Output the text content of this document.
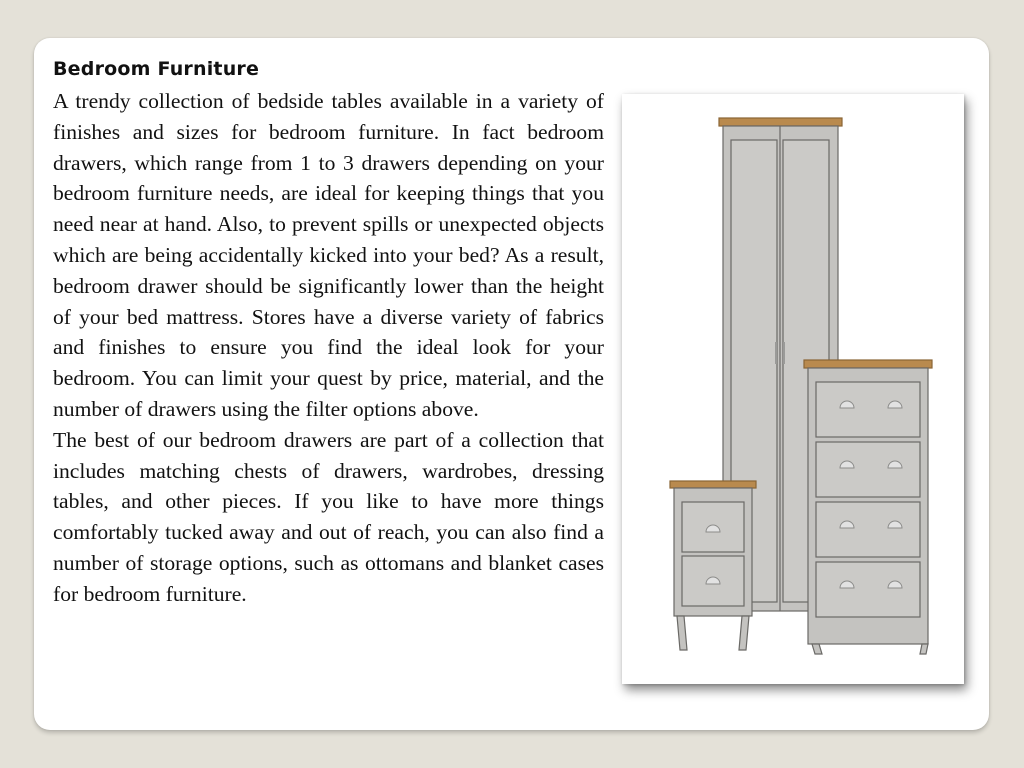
Bedroom Furniture

A trendy collection of bedside tables available in a variety of finishes and sizes for bedroom furniture. In fact bedroom drawers, which range from 1 to 3 drawers depending on your bedroom furniture needs, are ideal for keeping things that you need near at hand. Also, to prevent spills or unexpected objects which are being accidentally kicked into your bed? As a result, bedroom drawer should be significantly lower than the height of your bed mattress. Stores have a diverse variety of fabrics and finishes to ensure you find the ideal look for your bedroom. You can limit your quest by price, material, and the number of drawers using the filter options above.

The best of our bedroom drawers are part of a collection that includes matching chests of drawers, wardrobes, dressing tables, and other pieces. If you like to have more things comfortably tucked away and out of reach, you can also find a number of storage options, such as ottomans and blanket cases for bedroom furniture.
